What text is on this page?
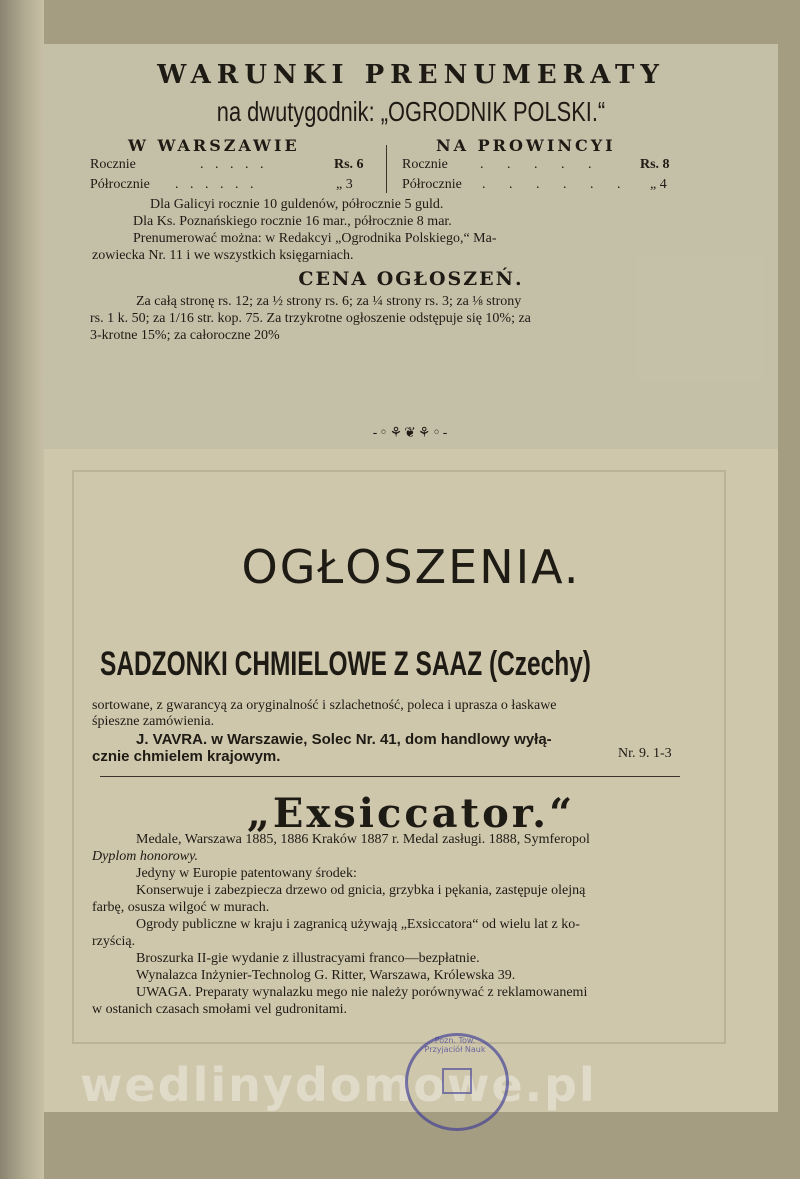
WARUNKI PRENUMERATY
na dwutygodnik: „OGRODNIK POLSKI.“
W WARSZAWIE	NA PROWINCYI
Rocznie	. . . . .	Rs. 6
Półrocznie . . . . . .	„ 3
Rocznie . . . . .	Rs. 8
Półrocznie . . . . . . „ 4
Dla Galicyi rocznie 10 guldenów, półrocznie 5 guld.
Dla Ks. Poznańskiego rocznie 16 mar., półrocznie 8 mar.
Prenumerować można: w Redakcyi „Ogrodnika Polskiego,“ Ma-
zowiecka Nr. 11 i we wszystkich księgarniach.
CENA OGŁOSZEŃ.
Za całą stronę rs. 12; za ½ strony rs. 6; za ¼ strony rs. 3; za ⅛ strony
rs. 1 k. 50; za 1/16 str. kop. 75. Za trzykrotne ogłoszenie odstępuje się 10%; za
3-krotne 15%; za całoroczne 20%
-◦⚘❦⚘◦-
OGŁOSZENIA.
SADZONKI CHMIELOWE Z SAAZ (Czechy)
sortowane, z gwarancyą za oryginalność i szlachetność, poleca i uprasza o łaskawe
śpieszne zamówienia.
J. VAVRA. w Warszawie, Solec Nr. 41, dom handlowy wyłą-
cznie chmielem krajowym.	Nr. 9. 1-3
„Exsiccator.“
Medale, Warszawa 1885, 1886 Kraków 1887 r. Medal zasługi. 1888, Symferopol
Dyplom honorowy.
Jedyny w Europie patentowany środek:
Konserwuje i zabezpiecza drzewo od gnicia, grzybka i pękania, zastępuje olejną
farbę, osusza wilgoć w murach.
Ogrody publiczne w kraju i zagranicą używają „Exsiccatora“ od wielu lat z ko-
rzyścią.
Broszurka II-gie wydanie z illustracyami franco—bezpłatnie.
Wynalazca Inżynier-Technolog G. Ritter, Warszawa, Królewska 39.
UWAGA. Preparaty wynalazku mego nie należy porównywać z reklamowanemi
w ostanich czasach smołami vel gudronitami.
wedlinydomowe.pl
Pozn. Tow. Przyjaciół Nauk
